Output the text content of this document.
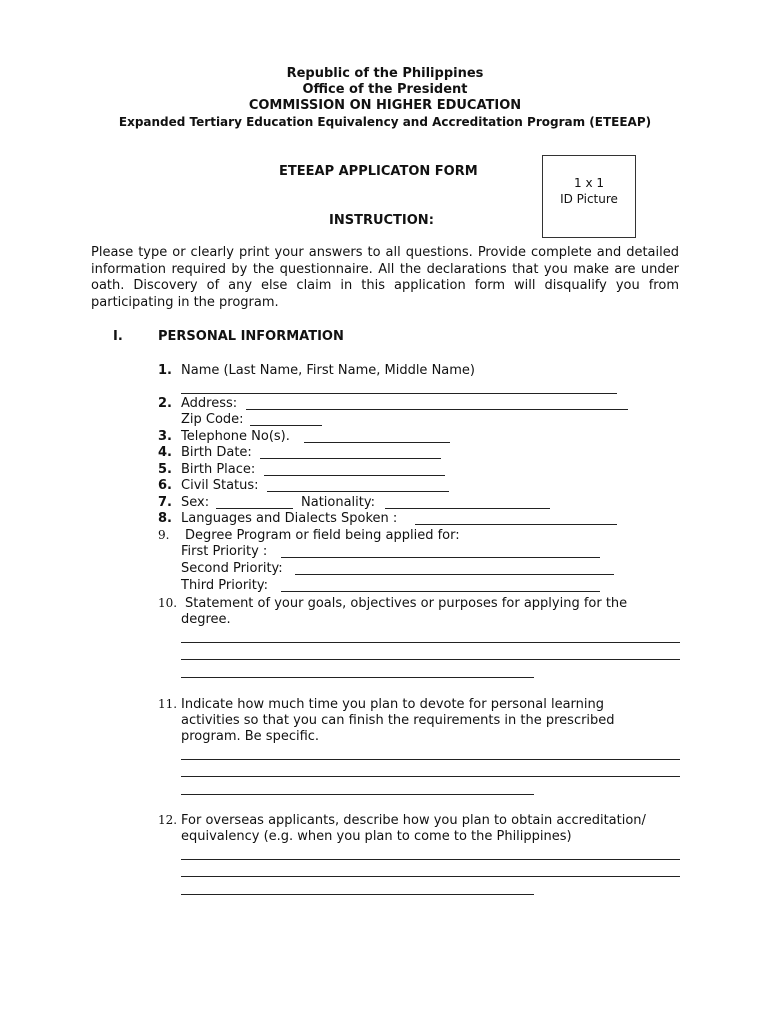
Republic of the Philippines
Office of the President
COMMISSION ON HIGHER EDUCATION
Expanded Tertiary Education Equivalency and Accreditation Program (ETEEAP)
ETEEAP APPLICATON FORM
1 x 1
ID Picture
INSTRUCTION:
Please type or clearly print your answers to all questions. Provide complete and detailed information required by the questionnaire. All the declarations that you make are under oath. Discovery of any else claim in this application form will disqualify you from participating in the program.
I.	PERSONAL INFORMATION
1. Name (Last Name, First Name, Middle Name)
2. Address:
Zip Code:
3. Telephone No(s).
4. Birth Date:
5. Birth Place:
6. Civil Status:
7. Sex:	Nationality:
8. Languages and Dialects Spoken :
9. Degree Program or field being applied for:
First Priority :
Second Priority:
Third Priority:
10. Statement of your goals, objectives or purposes for applying for the
degree.
11. Indicate how much time you plan to devote for personal learning
activities so that you can finish the requirements in the prescribed
program. Be specific.
12. For overseas applicants, describe how you plan to obtain accreditation/
equivalency (e.g. when you plan to come to the Philippines)
